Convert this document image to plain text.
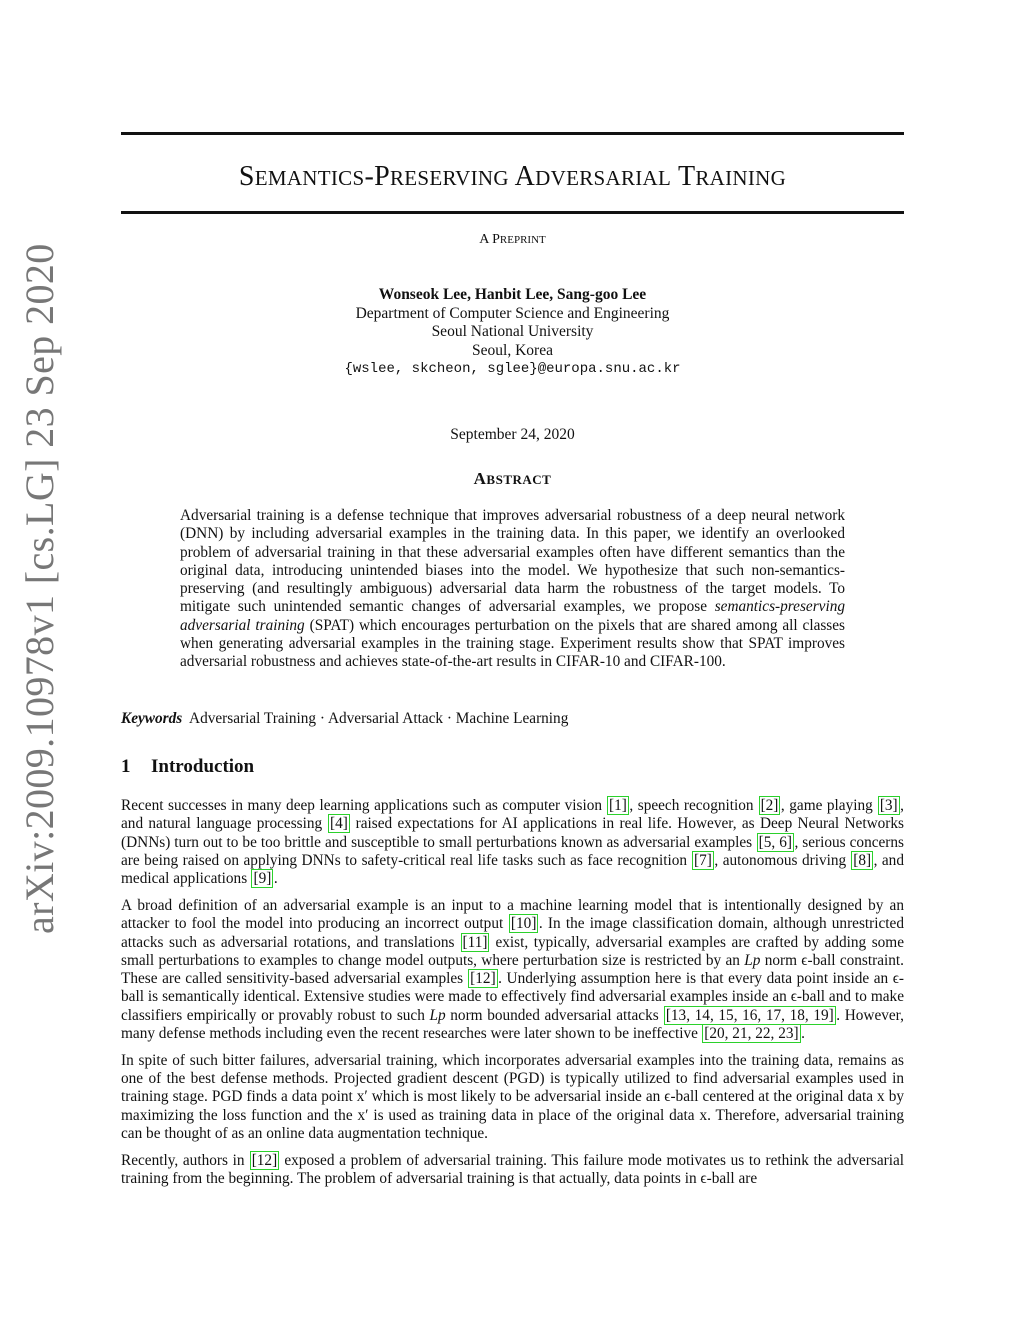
arXiv:2009.10978v1 [cs.LG] 23 Sep 2020
SEMANTICS-PRESERVING ADVERSARIAL TRAINING
A PREPRINT
Wonseok Lee, Hanbit Lee, Sang-goo Lee
Department of Computer Science and Engineering
Seoul National University
Seoul, Korea
{wslee, skcheon, sglee}@europa.snu.ac.kr
September 24, 2020
ABSTRACT
Adversarial training is a defense technique that improves adversarial robustness of a deep neural network (DNN) by including adversarial examples in the training data. In this paper, we identify an overlooked problem of adversarial training in that these adversarial examples often have different semantics than the original data, introducing unintended biases into the model. We hypothesize that such non-semantics-preserving (and resultingly ambiguous) adversarial data harm the robustness of the target models. To mitigate such unintended semantic changes of adversarial examples, we propose semantics-preserving adversarial training (SPAT) which encourages perturbation on the pixels that are shared among all classes when generating adversarial examples in the training stage. Experiment results show that SPAT improves adversarial robustness and achieves state-of-the-art results in CIFAR-10 and CIFAR-100.
Keywords Adversarial Training · Adversarial Attack · Machine Learning
1 Introduction

Recent successes in many deep learning applications such as computer vision [1] , speech recognition [2] , game playing [3] , and natural language processing [4] raised expectations for AI applications in real life. However, as Deep Neural Networks (DNNs) turn out to be too brittle and susceptible to small perturbations known as adversarial examples [5, 6] , serious concerns are being raised on applying DNNs to safety-critical real life tasks such as face recognition [7] , autonomous driving [8] , and medical applications [9] .

A broad definition of an adversarial example is an input to a machine learning model that is intentionally designed by an attacker to fool the model into producing an incorrect output [10] . In the image classification domain, although unrestricted attacks such as adversarial rotations, and translations [11] exist, typically, adversarial examples are crafted by adding some small perturbations to examples to change model outputs, where perturbation size is restricted by an Lp norm ϵ-ball constraint. These are called sensitivity-based adversarial examples [12] . Underlying assumption here is that every data point inside an ϵ-ball is semantically identical. Extensive studies were made to effectively find adversarial examples inside an ϵ-ball and to make classifiers empirically or provably robust to such Lp norm bounded adversarial attacks [13, 14, 15, 16, 17, 18, 19] . However, many defense methods including even the recent researches were later shown to be ineffective [20, 21, 22, 23] .

In spite of such bitter failures, adversarial training, which incorporates adversarial examples into the training data, remains as one of the best defense methods. Projected gradient descent (PGD) is typically utilized to find adversarial examples used in training stage. PGD finds a data point x′ which is most likely to be adversarial inside an ϵ-ball centered at the original data x by maximizing the loss function and the x′ is used as training data in place of the original data x. Therefore, adversarial training can be thought of as an online data augmentation technique.

Recently, authors in [12] exposed a problem of adversarial training. This failure mode motivates us to rethink the adversarial training from the beginning. The problem of adversarial training is that actually, data points in ϵ-ball are
